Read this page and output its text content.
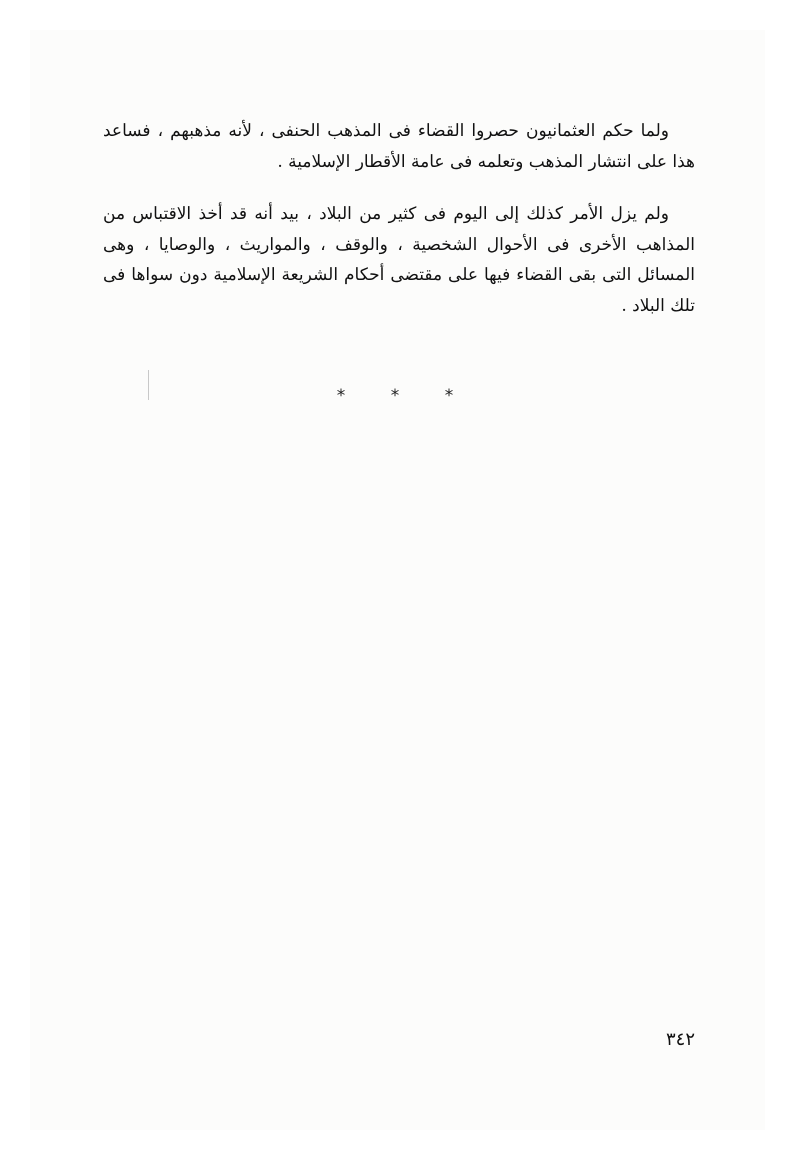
ولما حكم العثمانيون حصروا القضاء فى المذهب الحنفى ، لأنه مذهبهم ، فساعد هذا على انتشار المذهب وتعلمه فى عامة الأقطار الإسلامية .

ولم يزل الأمر كذلك إلى اليوم فى كثير من البلاد ، بيد أنه قد أخذ الاقتباس من المذاهب الأخرى فى الأحوال الشخصية ، والوقف ، والمواريث ، والوصايا ، وهى المسائل التى بقى القضاء فيها على مقتضى أحكام الشريعة الإسلامية دون سواها فى تلك البلاد .

*	*	*
٣٤٢
